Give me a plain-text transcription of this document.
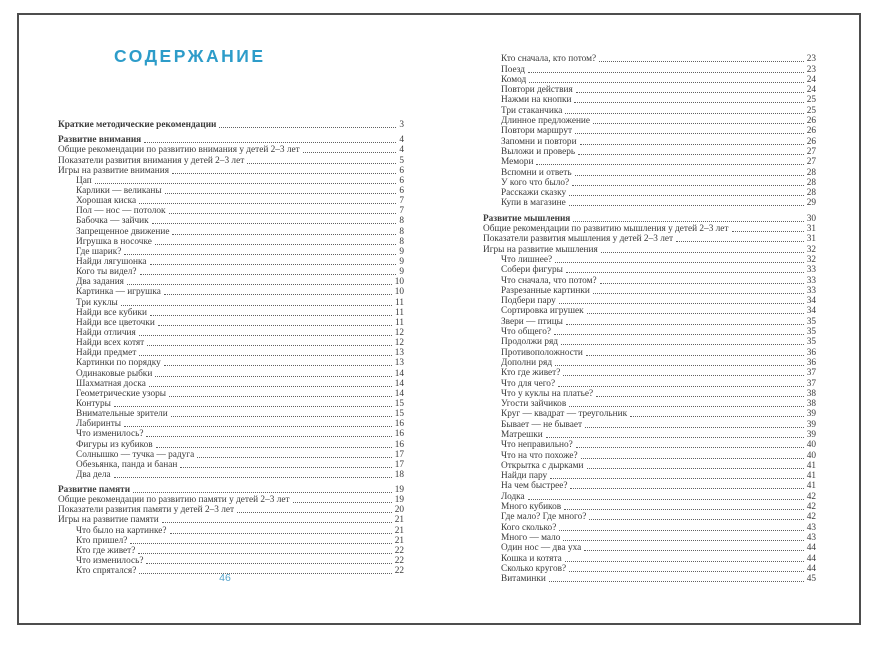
СОДЕРЖАНИЕ
Краткие методические рекомендации	3
Развитие внимания	4
Общие рекомендации по развитию внимания у детей 2–3 лет	4
Показатели развития внимания у детей 2–3 лет	5
Игры на развитие внимания	6
Цап	6
Карлики — великаны	6
Хорошая киска	7
Пол — нос — потолок	7
Бабочка — зайчик	8
Запрещенное движение	8
Игрушка в носочке	8
Где шарик?	9
Найди лягушонка	9
Кого ты видел?	9
Два задания	10
Картинка — игрушка	10
Три куклы	11
Найди все кубики	11
Найди все цветочки	11
Найди отличия	12
Найди всех котят	12
Найди предмет	13
Картинки по порядку	13
Одинаковые рыбки	14
Шахматная доска	14
Геометрические узоры	14
Контуры	15
Внимательные зрители	15
Лабиринты	16
Что изменилось?	16
Фигуры из кубиков	16
Солнышко — тучка — радуга	17
Обезьянка, панда и банан	17
Два дела	18
Развитие памяти	19
Общие рекомендации по развитию памяти у детей 2–3 лет	19
Показатели развития памяти у детей 2–3 лет	20
Игры на развитие памяти	21
Что было на картинке?	21
Кто пришел?	21
Кто где живет?	22
Что изменилось?	22
Кто спрятался?	22
Кто сначала, кто потом?	23
Поезд	23
Комод	24
Повтори действия	24
Нажми на кнопки	25
Три стаканчика	25
Длинное предложение	26
Повтори маршрут	26
Запомни и повтори	26
Выложи и проверь	27
Мемори	27
Вспомни и ответь	28
У кого что было?	28
Расскажи сказку	28
Купи в магазине	29
Развитие мышления	30
Общие рекомендации по развитию мышления у детей 2–3 лет	31
Показатели развития мышления у детей 2–3 лет	31
Игры на развитие мышления	32
Что лишнее?	32
Собери фигуры	33
Что сначала, что потом?	33
Разрезанные картинки	33
Подбери пару	34
Сортировка игрушек	34
Звери — птицы	35
Что общего?	35
Продолжи ряд	35
Противоположности	36
Дополни ряд	36
Кто где живет?	37
Что для чего?	37
Что у куклы на платье?	38
Угости зайчиков	38
Круг — квадрат — треугольник	39
Бывает — не бывает	39
Матрешки	39
Что неправильно?	40
Что на что похоже?	40
Открытка с дырками	41
Найди пару	41
На чем быстрее?	41
Лодка	42
Много кубиков	42
Где мало? Где много?	42
Кого сколько?	43
Много — мало	43
Один нос — два уха	44
Кошка и котята	44
Сколько кругов?	44
Витаминки	45
46
